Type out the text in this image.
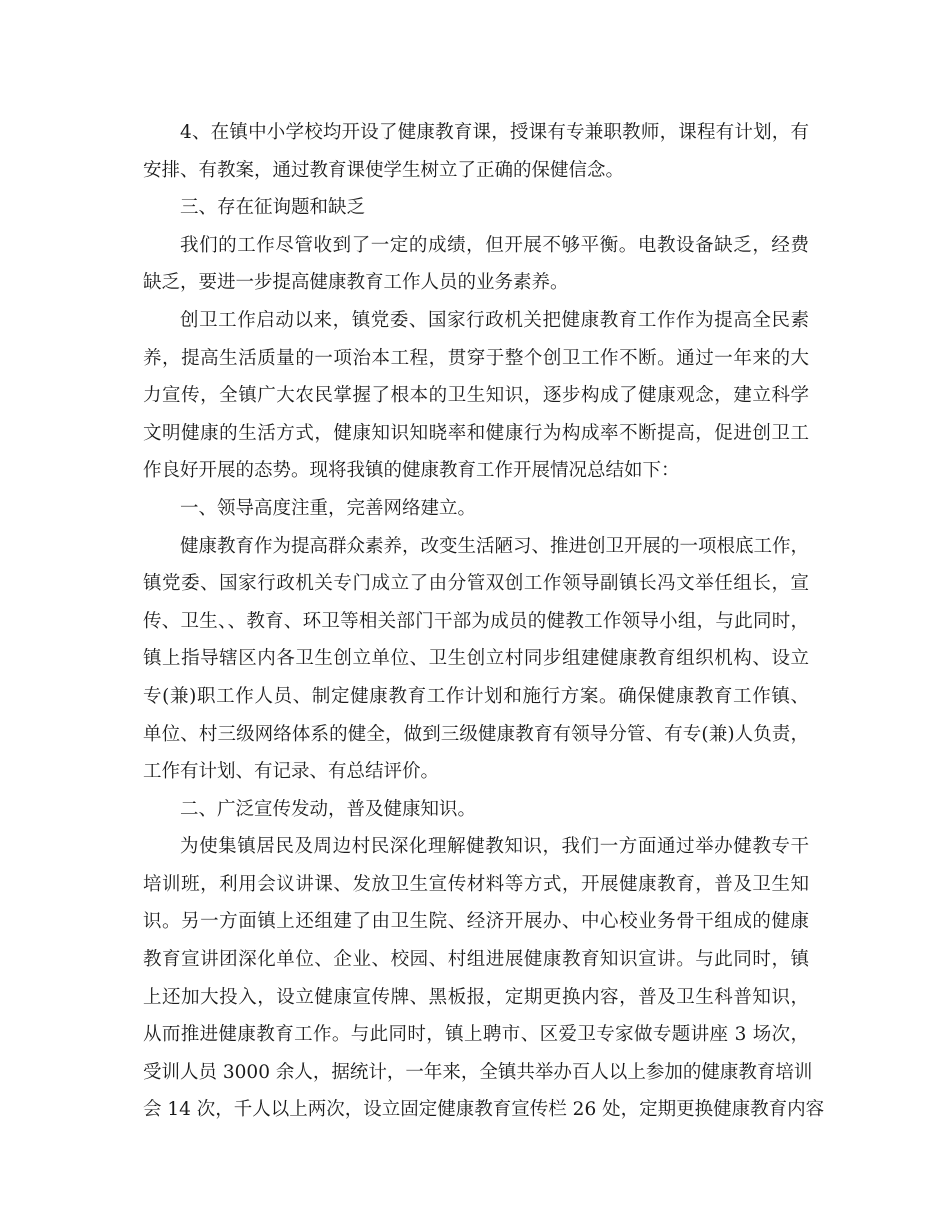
4、在镇中小学校均开设了健康教育课，授课有专兼职教师，课程有计划，有
安排、有教案，通过教育课使学生树立了正确的保健信念。
三、存在征询题和缺乏
我们的工作尽管收到了一定的成绩，但开展不够平衡。电教设备缺乏，经费
缺乏，要进一步提高健康教育工作人员的业务素养。
创卫工作启动以来，镇党委、国家行政机关把健康教育工作作为提高全民素
养，提高生活质量的一项治本工程，贯穿于整个创卫工作不断。通过一年来的大
力宣传，全镇广大农民掌握了根本的卫生知识，逐步构成了健康观念，建立科学
文明健康的生活方式，健康知识知晓率和健康行为构成率不断提高，促进创卫工
作良好开展的态势。现将我镇的健康教育工作开展情况总结如下：
一、领导高度注重，完善网络建立。
健康教育作为提高群众素养，改变生活陋习、推进创卫开展的一项根底工作，
镇党委、国家行政机关专门成立了由分管双创工作领导副镇长冯文举任组长，宣
传、卫生、、教育、环卫等相关部门干部为成员的健教工作领导小组，与此同时，
镇上指导辖区内各卫生创立单位、卫生创立村同步组建健康教育组织机构、设立
专(兼)职工作人员、制定健康教育工作计划和施行方案。确保健康教育工作镇、
单位、村三级网络体系的健全，做到三级健康教育有领导分管、有专(兼)人负责，
工作有计划、有记录、有总结评价。
二、广泛宣传发动，普及健康知识。
为使集镇居民及周边村民深化理解健教知识，我们一方面通过举办健教专干
培训班，利用会议讲课、发放卫生宣传材料等方式，开展健康教育，普及卫生知
识。另一方面镇上还组建了由卫生院、经济开展办、中心校业务骨干组成的健康
教育宣讲团深化单位、企业、校园、村组进展健康教育知识宣讲。与此同时，镇
上还加大投入，设立健康宣传牌、黑板报，定期更换内容，普及卫生科普知识，
从而推进健康教育工作。与此同时，镇上聘市、区爱卫专家做专题讲座 3 场次，
受训人员 3000 余人，据统计，一年来，全镇共举办百人以上参加的健康教育培训
会 14 次，千人以上两次，设立固定健康教育宣传栏 26 处，定期更换健康教育内容
